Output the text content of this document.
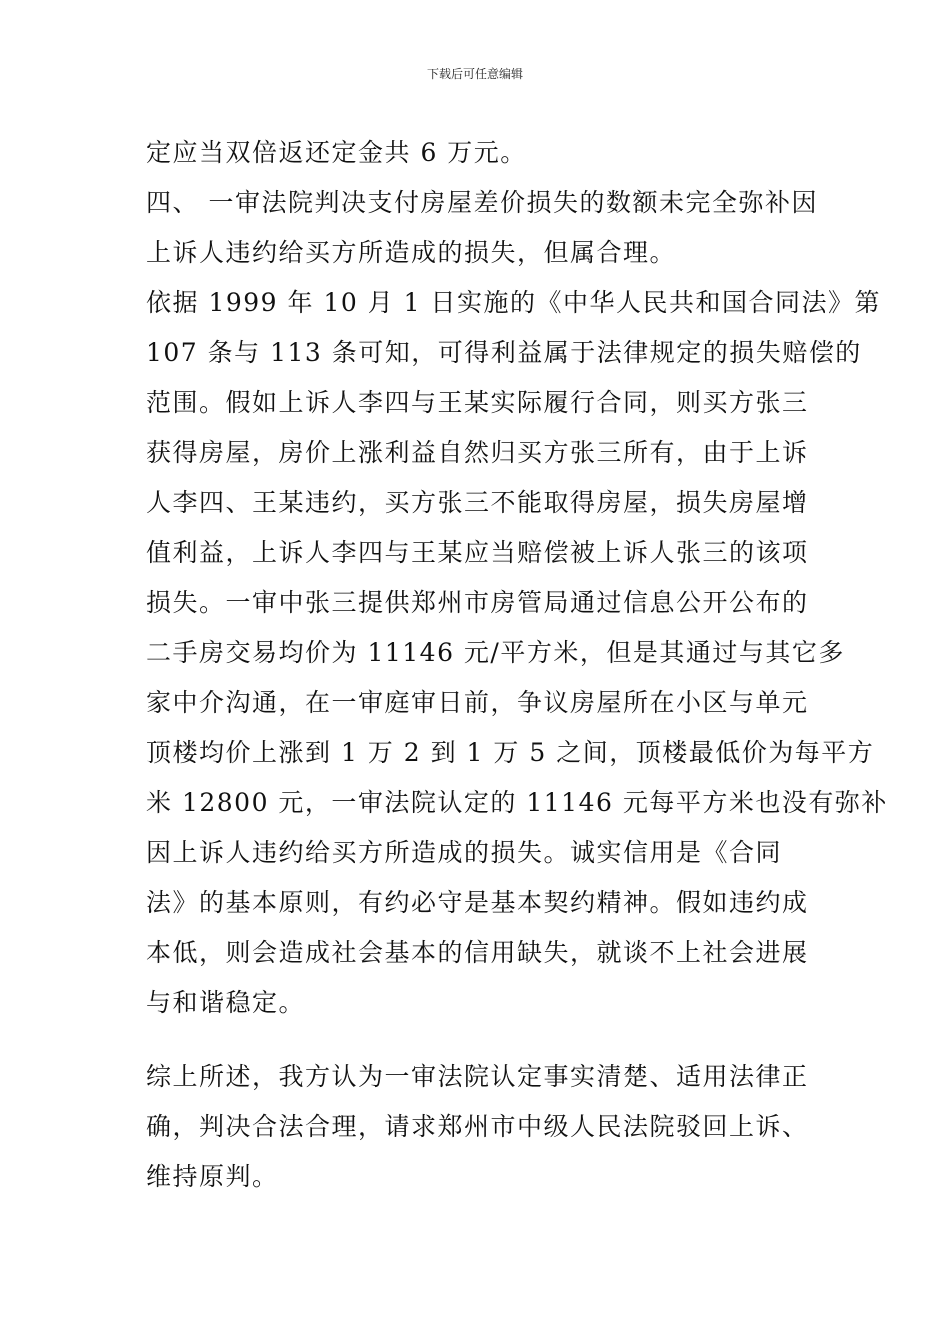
下载后可任意编辑
定应当双倍返还定金共 6 万元。
四、 一审法院判决支付房屋差价损失的数额未完全弥补因
上诉人违约给买方所造成的损失，但属合理。
依据 1999 年 10 月 1 日实施的《中华人民共和国合同法》第
107 条与 113 条可知，可得利益属于法律规定的损失赔偿的
范围。假如上诉人李四与王某实际履行合同，则买方张三
获得房屋，房价上涨利益自然归买方张三所有，由于上诉
人李四、王某违约，买方张三不能取得房屋，损失房屋增
值利益，上诉人李四与王某应当赔偿被上诉人张三的该项
损失。一审中张三提供郑州市房管局通过信息公开公布的
二手房交易均价为 11146 元/平方米，但是其通过与其它多
家中介沟通，在一审庭审日前，争议房屋所在小区与单元
顶楼均价上涨到 1 万 2 到 1 万 5 之间，顶楼最低价为每平方
米 12800 元，一审法院认定的 11146 元每平方米也没有弥补
因上诉人违约给买方所造成的损失。诚实信用是《合同
法》的基本原则，有约必守是基本契约精神。假如违约成
本低，则会造成社会基本的信用缺失，就谈不上社会进展
与和谐稳定。
综上所述，我方认为一审法院认定事实清楚、适用法律正
确，判决合法合理，请求郑州市中级人民法院驳回上诉、
维持原判。
